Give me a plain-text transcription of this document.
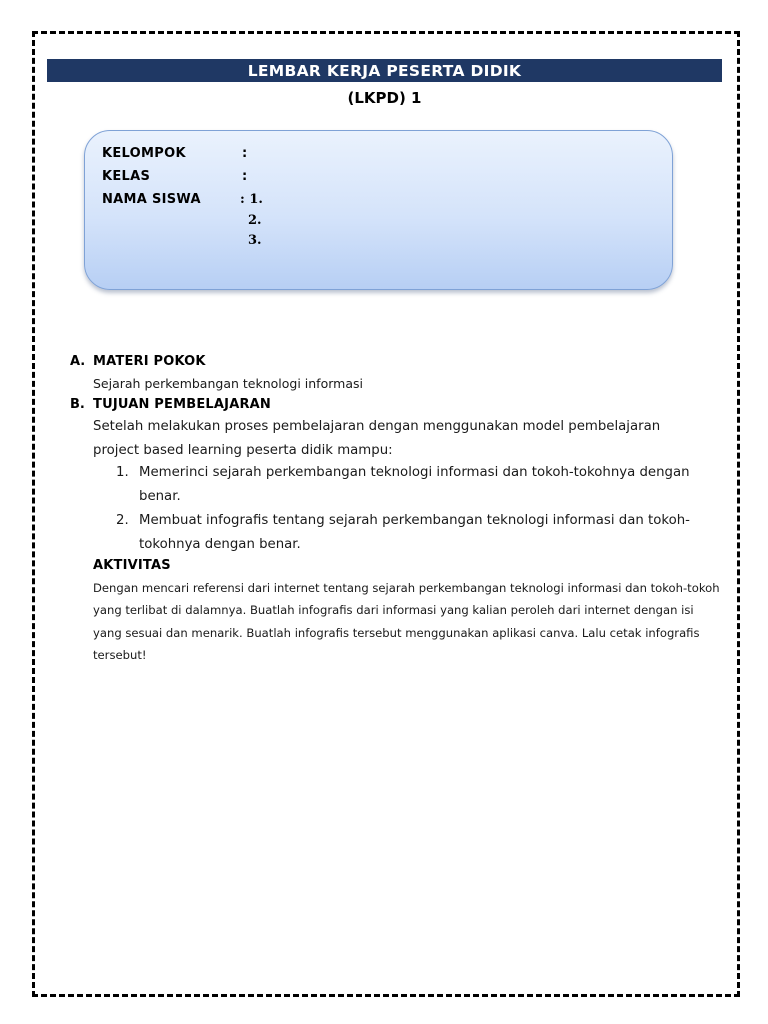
LEMBAR KERJA PESERTA DIDIK
(LKPD) 1
KELOMPOK	:
KELAS	:
NAMA SISWA	: 1.
2.
3.
A. MATERI POKOK
Sejarah perkembangan teknologi informasi
B. TUJUAN PEMBELAJARAN
Setelah melakukan proses pembelajaran dengan menggunakan model pembelajaran project based learning peserta didik mampu:
1. Memerinci sejarah perkembangan teknologi informasi dan tokoh-tokohnya dengan benar.
2. Membuat infografis tentang sejarah perkembangan teknologi informasi dan tokoh-tokohnya dengan benar.
AKTIVITAS
Dengan mencari referensi dari internet tentang sejarah perkembangan teknologi informasi dan tokoh-tokoh yang terlibat di dalamnya. Buatlah infografis dari informasi yang kalian peroleh dari internet dengan isi yang sesuai dan menarik. Buatlah infografis tersebut menggunakan aplikasi canva. Lalu cetak infografis tersebut!
